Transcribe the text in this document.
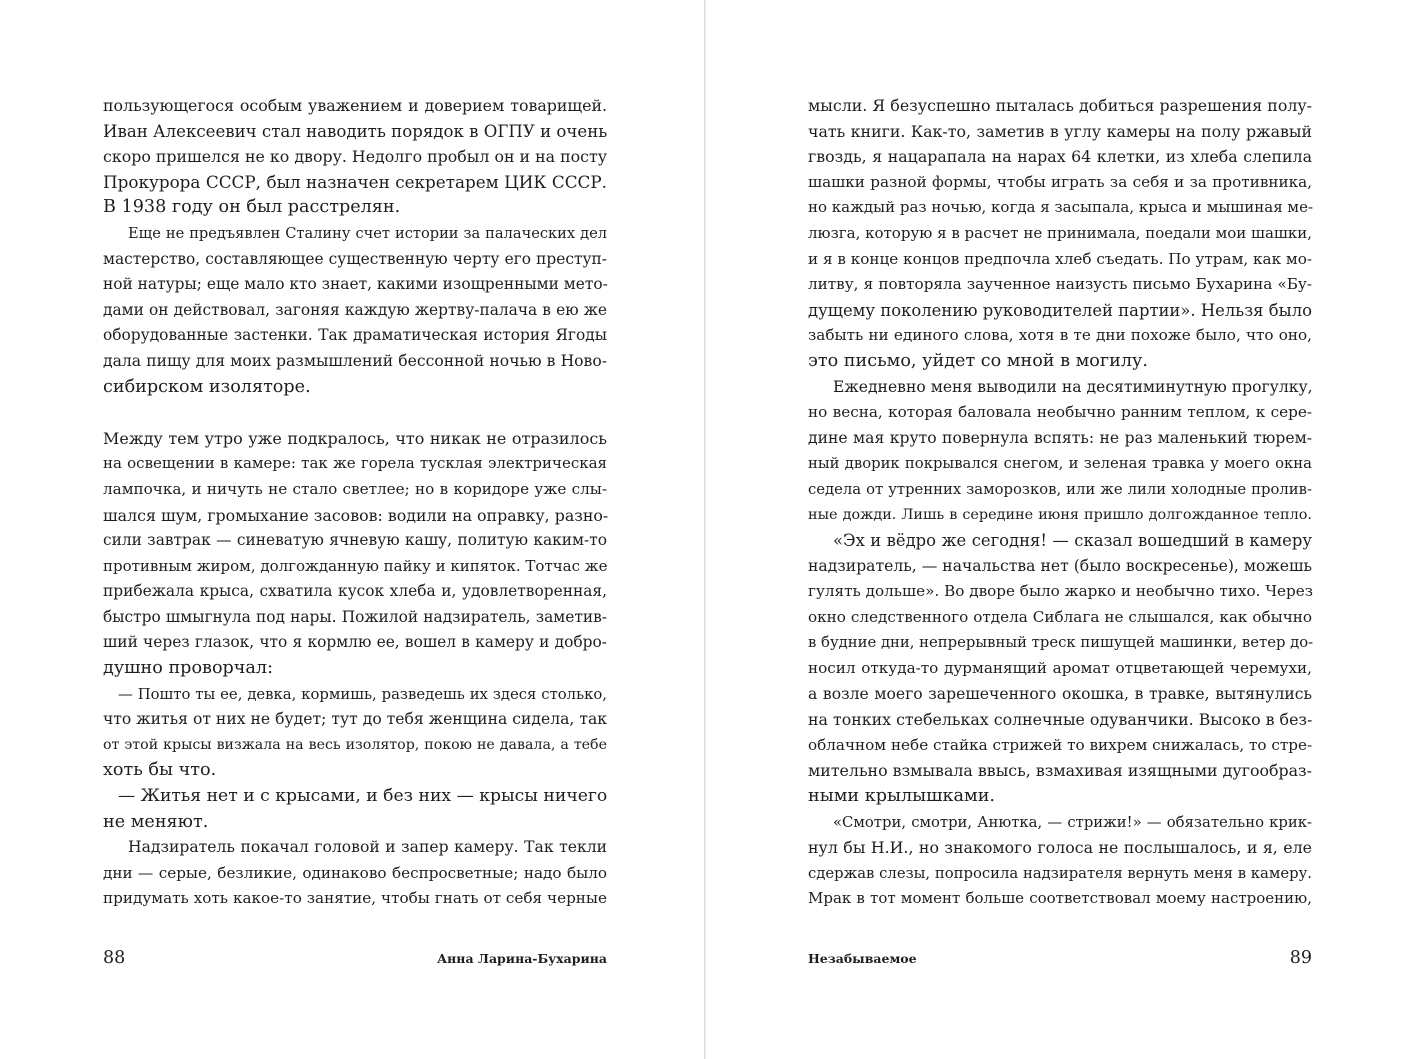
пользующегося особым уважением и доверием товарищей.
Иван Алексеевич стал наводить порядок в ОГПУ и очень
скоро пришелся не ко двору. Недолго пробыл он и на посту
Прокурора СССР, был назначен секретарем ЦИК СССР.
В 1938 году он был расстрелян.
Еще не предъявлен Сталину счет истории за палаческих дел
мастерство, составляющее существенную черту его преступ-
ной натуры; еще мало кто знает, какими изощренными мето-
дами он действовал, загоняя каждую жертву-палача в ею же
оборудованные застенки. Так драматическая история Ягоды
дала пищу для моих размышлений бессонной ночью в Ново-
сибирском изоляторе.
Между тем утро уже подкралось, что никак не отразилось
на освещении в камере: так же горела тусклая электрическая
лампочка, и ничуть не стало светлее; но в коридоре уже слы-
шался шум, громыхание засовов: водили на оправку, разно-
сили завтрак — синеватую ячневую кашу, политую каким-то
противным жиром, долгожданную пайку и кипяток. Тотчас же
прибежала крыса, схватила кусок хлеба и, удовлетворенная,
быстро шмыгнула под нары. Пожилой надзиратель, заметив-
ший через глазок, что я кормлю ее, вошел в камеру и добро-
душно проворчал:
— Пошто ты ее, девка, кормишь, разведешь их здеся столько,
что житья от них не будет; тут до тебя женщина сидела, так
от этой крысы визжала на весь изолятор, покою не давала, а тебе
хоть бы что.
— Житья нет и с крысами, и без них — крысы ничего
не меняют.
Надзиратель покачал головой и запер камеру. Так текли
дни — серые, безликие, одинаково беспросветные; надо было
придумать хоть какое-то занятие, чтобы гнать от себя черные
88	Анна Ларина-Бухарина
мысли. Я безуспешно пыталась добиться разрешения полу-
чать книги. Как-то, заметив в углу камеры на полу ржавый
гвоздь, я нацарапала на нарах 64 клетки, из хлеба слепила
шашки разной формы, чтобы играть за себя и за противника,
но каждый раз ночью, когда я засыпала, крыса и мышиная ме-
люзга, которую я в расчет не принимала, поедали мои шашки,
и я в конце концов предпочла хлеб съедать. По утрам, как мо-
литву, я повторяла заученное наизусть письмо Бухарина «Бу-
дущему поколению руководителей партии». Нельзя было
забыть ни единого слова, хотя в те дни похоже было, что оно,
это письмо, уйдет со мной в могилу.
Ежедневно меня выводили на десятиминутную прогулку,
но весна, которая баловала необычно ранним теплом, к сере-
дине мая круто повернула вспять: не раз маленький тюрем-
ный дворик покрывался снегом, и зеленая травка у моего окна
седела от утренних заморозков, или же лили холодные пролив-
ные дожди. Лишь в середине июня пришло долгожданное тепло.
«Эх и вёдро же сегодня! — сказал вошедший в камеру
надзиратель, — начальства нет (было воскресенье), можешь
гулять дольше». Во дворе было жарко и необычно тихо. Через
окно следственного отдела Сиблага не слышался, как обычно
в будние дни, непрерывный треск пишущей машинки, ветер до-
носил откуда-то дурманящий аромат отцветающей черемухи,
а возле моего зарешеченного окошка, в травке, вытянулись
на тонких стебельках солнечные одуванчики. Высоко в без-
облачном небе стайка стрижей то вихрем снижалась, то стре-
мительно взмывала ввысь, взмахивая изящными дугообраз-
ными крылышками.
«Смотри, смотри, Анютка, — стрижи!» — обязательно крик-
нул бы Н.И., но знакомого голоса не послышалось, и я, еле
сдержав слезы, попросила надзирателя вернуть меня в камеру.
Мрак в тот момент больше соответствовал моему настроению,
Незабываемое	89
